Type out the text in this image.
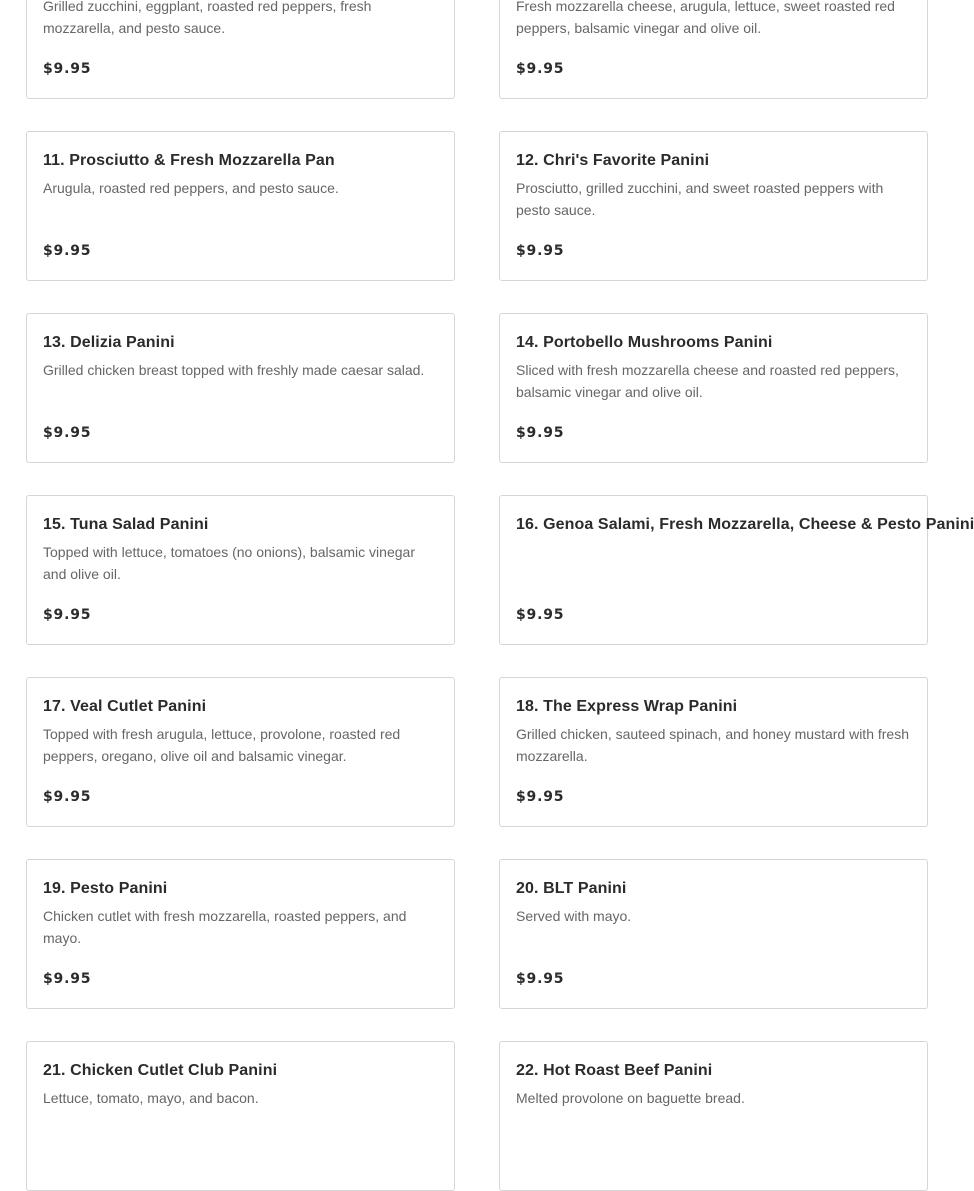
Grilled zucchini, eggplant, roasted red peppers, fresh mozzarella, and pesto sauce.
$9.95
Fresh mozzarella cheese, arugula, lettuce, sweet roasted red peppers, balsamic vinegar and olive oil.
$9.95
11. Prosciutto & Fresh Mozzarella Pan
Arugula, roasted red peppers, and pesto sauce.
$9.95
12. Chri's Favorite Panini
Prosciutto, grilled zucchini, and sweet roasted peppers with pesto sauce.
$9.95
13. Delizia Panini
Grilled chicken breast topped with freshly made caesar salad.
$9.95
14. Portobello Mushrooms Panini
Sliced with fresh mozzarella cheese and roasted red peppers, balsamic vinegar and olive oil.
$9.95
15. Tuna Salad Panini
Topped with lettuce, tomatoes (no onions), balsamic vinegar and olive oil.
$9.95
16. Genoa Salami, Fresh Mozzarella, Cheese & Pesto Panini
$9.95
17. Veal Cutlet Panini
Topped with fresh arugula, lettuce, provolone, roasted red peppers, oregano, olive oil and balsamic vinegar.
$9.95
18. The Express Wrap Panini
Grilled chicken, sauteed spinach, and honey mustard with fresh mozzarella.
$9.95
19. Pesto Panini
Chicken cutlet with fresh mozzarella, roasted peppers, and mayo.
$9.95
20. BLT Panini
Served with mayo.
$9.95
21. Chicken Cutlet Club Panini
Lettuce, tomato, mayo, and bacon.
22. Hot Roast Beef Panini
Melted provolone on baguette bread.
